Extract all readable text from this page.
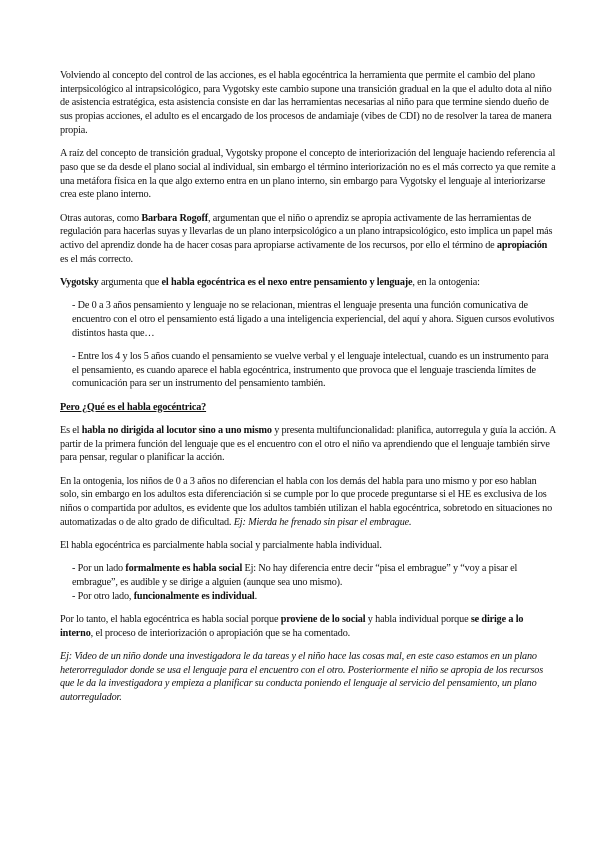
Volviendo al concepto del control de las acciones, es el habla egocéntrica la herramienta que permite el cambio del plano interpsicológico al intrapsicológico, para Vygotsky este cambio supone una transición gradual en la que el adulto dota al niño de asistencia estratégica, esta asistencia consiste en dar las herramientas necesarias al niño para que termine siendo dueño de sus propias acciones, el adulto es el encargado de los procesos de andamiaje (vibes de CDI) no de resolver la tarea de manera propia.

A raíz del concepto de transición gradual, Vygotsky propone el concepto de interiorización del lenguaje haciendo referencia al paso que se da desde el plano social al individual, sin embargo el término interiorización no es el más correcto ya que remite a una metáfora física en la que algo externo entra en un plano interno, sin embargo para Vygotsky el lenguaje al interiorizarse crea este plano interno.

Otras autoras, como Barbara Rogoff, argumentan que el niño o aprendiz se apropia activamente de las herramientas de regulación para hacerlas suyas y llevarlas de un plano interpsicológico a un plano intrapsicológico, esto implica un papel más activo del aprendiz donde ha de hacer cosas para apropiarse activamente de los recursos, por ello el término de apropiación es el más correcto.

Vygotsky argumenta que el habla egocéntrica es el nexo entre pensamiento y lenguaje, en la ontogenia:

- De 0 a 3 años pensamiento y lenguaje no se relacionan, mientras el lenguaje presenta una función comunicativa de encuentro con el otro el pensamiento está ligado a una inteligencia experiencial, del aquí y ahora. Siguen cursos evolutivos distintos hasta que…

- Entre los 4 y los 5 años cuando el pensamiento se vuelve verbal y el lenguaje intelectual, cuando es un instrumento para el pensamiento, es cuando aparece el habla egocéntrica, instrumento que provoca que el lenguaje trascienda límites de comunicación para ser un instrumento del pensamiento también.

Pero ¿Qué es el habla egocéntrica?

Es el habla no dirigida al locutor sino a uno mismo y presenta multifuncionalidad: planifica, autorregula y guía la acción. A partir de la primera función del lenguaje que es el encuentro con el otro el niño va aprendiendo que el lenguaje también sirve para pensar, regular o planificar la acción.

En la ontogenia, los niños de 0 a 3 años no diferencian el habla con los demás del habla para uno mismo y por eso hablan solo, sin embargo en los adultos esta diferenciación si se cumple por lo que procede preguntarse si el HE es exclusiva de los niños o compartida por adultos, es evidente que los adultos también utilizan el habla egocéntrica, sobretodo en situaciones no automatizadas o de alto grado de dificultad. Ej: Mierda he frenado sin pisar el embrague.

El habla egocéntrica es parcialmente habla social y parcialmente habla individual.

- Por un lado formalmente es habla social Ej: No hay diferencia entre decir “pisa el embrague” y “voy a pisar el embrague”, es audible y se dirige a alguien (aunque sea uno mismo).

- Por otro lado, funcionalmente es individual.

Por lo tanto, el habla egocéntrica es habla social porque proviene de lo social y habla individual porque se dirige a lo interno, el proceso de interiorización o apropiación que se ha comentado.

Ej: Video de un niño donde una investigadora le da tareas y el niño hace las cosas mal, en este caso estamos en un plano heterorregulador donde se usa el lenguaje para el encuentro con el otro. Posteriormente el niño se apropia de los recursos que le da la investigadora y empieza a planificar su conducta poniendo el lenguaje al servicio del pensamiento, un plano autorregulador.
